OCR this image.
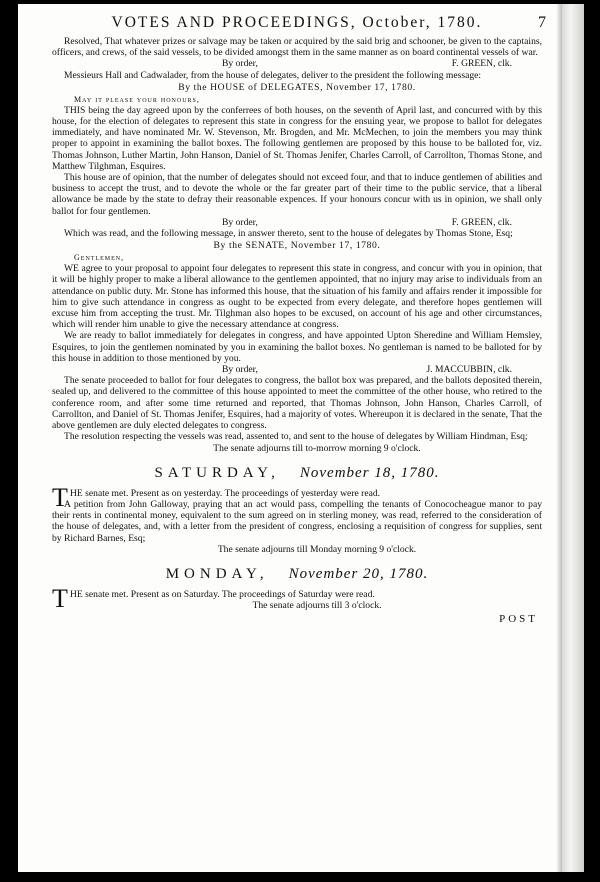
VOTES AND PROCEEDINGS, October, 1780.	7

Resolved, That whatever prizes or salvage may be taken or acquired by the said brig and schooner, be given to the captains, officers, and crews, of the said vessels, to be divided amongst them in the same manner as on board continental vessels of war.

By order,	F. GREEN, clk.

Messieurs Hall and Cadwalader, from the house of delegates, deliver to the president the following message:

By the HOUSE of DELEGATES, November 17, 1780.
May it please your honours,

THIS being the day agreed upon by the conferrees of both houses, on the seventh of April last, and concurred with by this house, for the election of delegates to represent this state in congress for the ensuing year, we propose to ballot for delegates immediately, and have nominated Mr. W. Stevenson, Mr. Brogden, and Mr. McMechen, to join the members you may think proper to appoint in examining the ballot boxes. The following gentlemen are proposed by this house to be balloted for, viz. Thomas Johnson, Luther Martin, John Hanson, Daniel of St. Thomas Jenifer, Charles Carroll, of Carrollton, Thomas Stone, and Matthew Tilghman, Esquires.

This house are of opinion, that the number of delegates should not exceed four, and that to induce gentlemen of abilities and business to accept the trust, and to devote the whole or the far greater part of their time to the public service, that a liberal allowance be made by the state to defray their reasonable expences. If your honours concur with us in opinion, we shall only ballot for four gentlemen.

By order,	F. GREEN, clk.

Which was read, and the following message, in answer thereto, sent to the house of delegates by Thomas Stone, Esq;

By the SENATE, November 17, 1780.
Gentlemen,

WE agree to your proposal to appoint four delegates to represent this state in congress, and concur with you in opinion, that it will be highly proper to make a liberal allowance to the gentlemen appointed, that no injury may arise to individuals from an attendance on public duty. Mr. Stone has informed this house, that the situation of his family and affairs render it impossible for him to give such attendance in congress as ought to be expected from every delegate, and therefore hopes gentlemen will excuse him from accepting the trust. Mr. Tilghman also hopes to be excused, on account of his age and other circumstances, which will render him unable to give the necessary attendance at congress.

We are ready to ballot immediately for delegates in congress, and have appointed Upton Sheredine and William Hemsley, Esquires, to join the gentlemen nominated by you in examining the ballot boxes. No gentleman is named to be balloted for by this house in addition to those mentioned by you.

By order,	J. MACCUBBIN, clk.

The senate proceeded to ballot for four delegates to congress, the ballot box was prepared, and the ballots deposited therein, sealed up, and delivered to the committee of this house appointed to meet the committee of the other house, who retired to the conference room, and after some time returned and reported, that Thomas Johnson, John Hanson, Charles Carroll, of Carrollton, and Daniel of St. Thomas Jenifer, Esquires, had a majority of votes. Whereupon it is declared in the senate, That the above gentlemen are duly elected delegates to congress.

The resolution respecting the vessels was read, assented to, and sent to the house of delegates by William Hindman, Esq;

The senate adjourns till to-morrow morning 9 o'clock.
SATURDAY, November 18, 1780.

T HE senate met. Present as on yesterday. The proceedings of yesterday were read.

A petition from John Galloway, praying that an act would pass, compelling the tenants of Conococheague manor to pay their rents in continental money, equivalent to the sum agreed on in sterling money, was read, referred to the consideration of the house of delegates, and, with a letter from the president of congress, enclosing a requisition of congress for supplies, sent by Richard Barnes, Esq;

The senate adjourns till Monday morning 9 o'clock.
MONDAY, November 20, 1780.

T HE senate met. Present as on Saturday. The proceedings of Saturday were read.

The senate adjourns till 3 o'clock.
POST
